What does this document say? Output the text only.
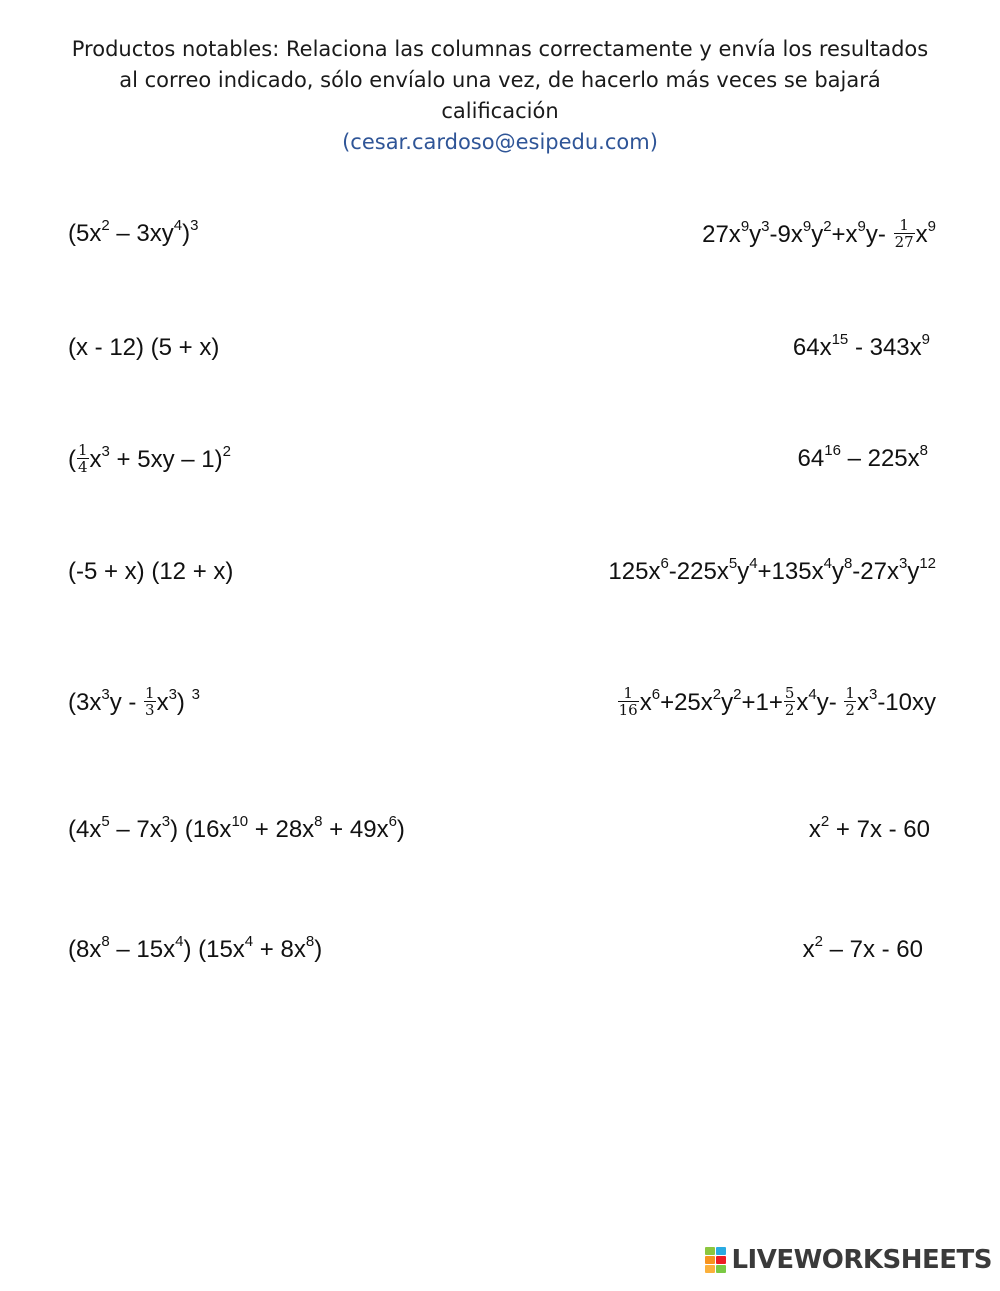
Productos notables: Relaciona las columnas correctamente y envía los resultados
al correo indicado, sólo envíalo una vez, de hacerlo más veces se bajará
calificación
(cesar.cardoso@esipedu.com)
$(5x^2 - 3xy^4)^3$
(x - 12) (5 + x)
( $\frac{1}{4} x^3 + 5xy - 1)^2$
(-5 + x) (12 + x)
$(3x^3y - \frac{1}{3} x^3)$ $^3$
$(4x^5 - 7x^3) (16x^{10} + 28x^8 + 49x^6)$
$(8x^8 - 15x^4) (15x^4 + 8x^8)$
$27x^9y^3-9x^9y^2+x^9y- \frac{1}{27} x^9$
$64x^{15} - 343x^9$
$64^{16} - 225x^8$
$125x^6-225x^5y^4+135x^4y^8-27x^3y^{12}$
$\frac{1}{16} x^6+25x^2y^2+1+ \frac{5}{2} x^4y- \frac{1}{2} x^3-10xy$
$x^2 + 7x - 60$
$x^2 - 7x - 60$
LIVEWORKSHEETS
